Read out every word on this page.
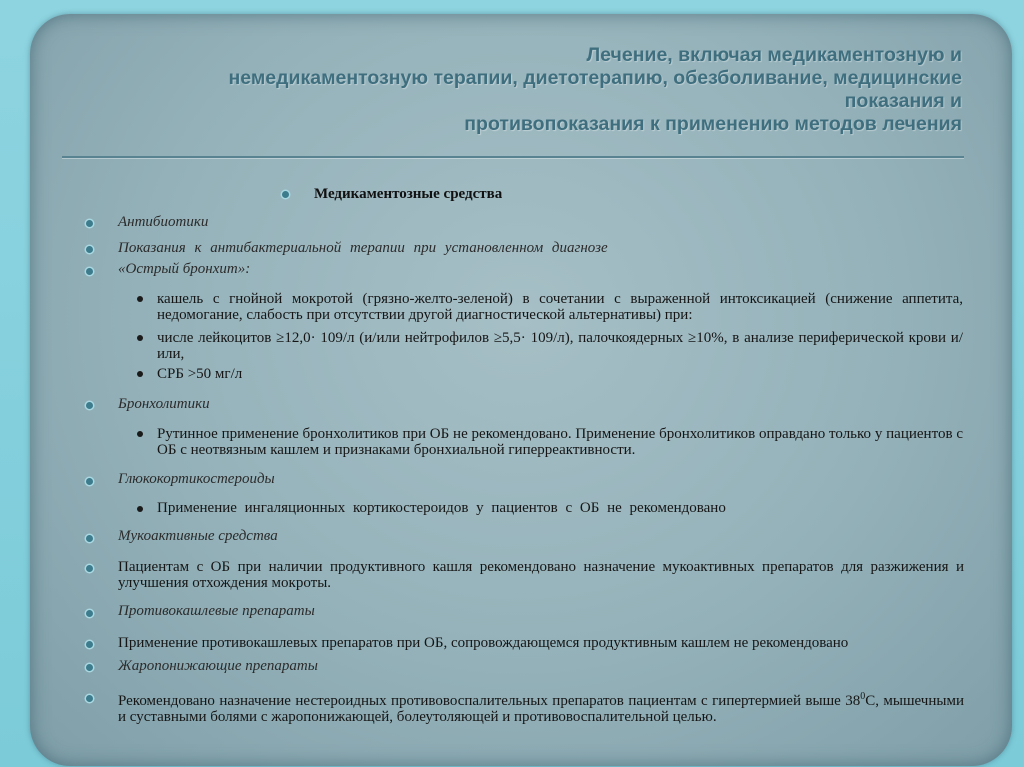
Лечение, включая медикаментозную и
немедикаментозную терапии, диетотерапию, обезболивание, медицинские
показания и
противопоказания к применению методов лечения
Медикаментозные средства
Антибиотики
Показания к антибактериальной терапии при установленном диагнозе
«Острый бронхит»:
кашель с гнойной мокротой (грязно-желто-зеленой) в сочетании с выраженной интоксикацией (снижение аппетита, недомогание, слабость при отсутствии другой диагностической альтернативы) при:
числе лейкоцитов ≥12,0· 109/л (и/или нейтрофилов ≥5,5· 109/л), палочкоядерных ≥10%, в анализе периферической крови и/или,
СРБ >50 мг/л
Бронхолитики
Рутинное применение бронхолитиков при ОБ не рекомендовано. Применение бронхолитиков оправдано только у пациентов с ОБ с неотвязным кашлем и признаками бронхиальной гиперреактивности.
Глюкокортикостероиды
Применение ингаляционных кортикостероидов у пациентов с ОБ не рекомендовано
Мукоактивные средства
Пациентам с ОБ при наличии продуктивного кашля рекомендовано назначение мукоактивных препаратов для разжижения и улучшения отхождения мокроты.
Противокашлевые препараты
Применение противокашлевых препаратов при ОБ, сопровождающемся продуктивным кашлем не рекомендовано
Жаропонижающие препараты
Рекомендовано назначение нестероидных противовоспалительных препаратов пациентам с гипертермией выше $38^0С$, мышечными и суставными болями с жаропонижающей, болеутоляющей и противовоспалительной целью.
